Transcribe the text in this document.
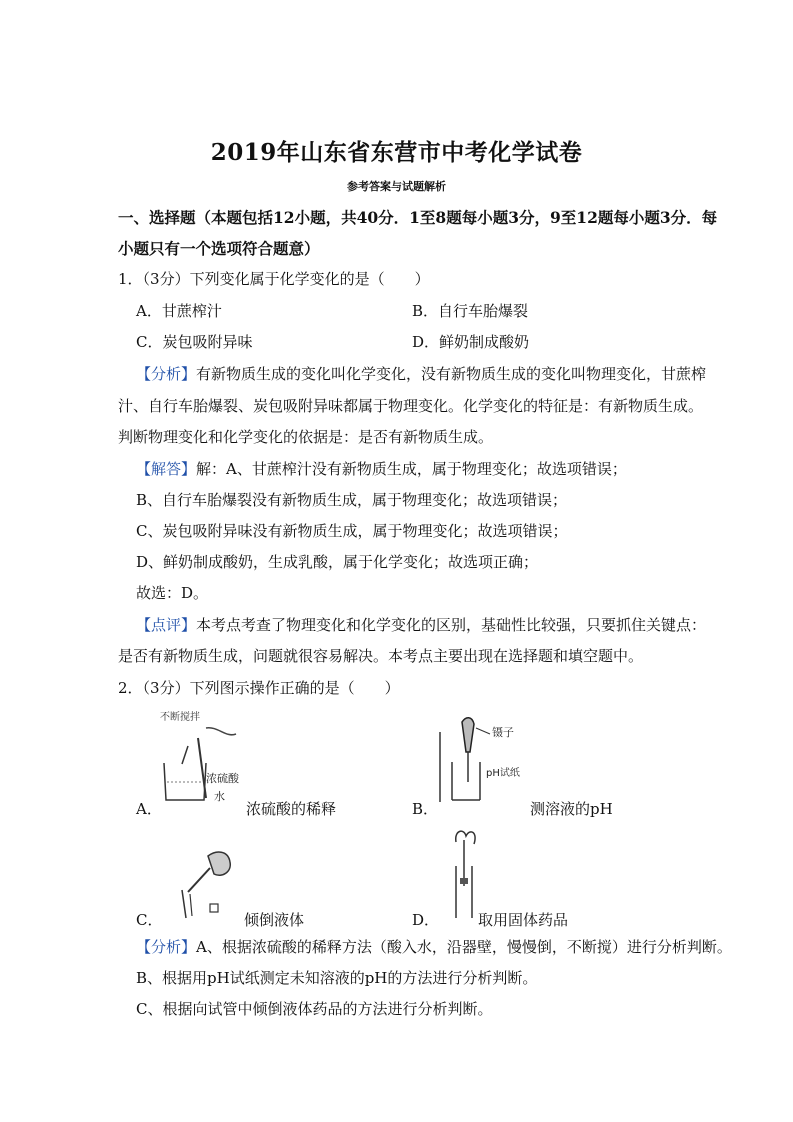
2019年山东省东营市中考化学试卷
参考答案与试题解析
一、选择题（本题包括12小题，共40分．1至8题每小题3分，9至12题每小题3分．每
小题只有一个选项符合题意）
1．（3分）下列变化属于化学变化的是（　　）
A．甘蔗榨汁	B．自行车胎爆裂
C．炭包吸附异味	D．鲜奶制成酸奶
【分析】有新物质生成的变化叫化学变化，没有新物质生成的变化叫物理变化，甘蔗榨
汁、自行车胎爆裂、炭包吸附异味都属于物理变化。化学变化的特征是：有新物质生成。
判断物理变化和化学变化的依据是：是否有新物质生成。
【解答】解：A、甘蔗榨汁没有新物质生成，属于物理变化；故选项错误；
B、自行车胎爆裂没有新物质生成，属于物理变化；故选项错误；
C、炭包吸附异味没有新物质生成，属于物理变化；故选项错误；
D、鲜奶制成酸奶，生成乳酸，属于化学变化；故选项正确；
故选：D。
【点评】本考点考查了物理变化和化学变化的区别，基础性比较强，只要抓住关键点：
是否有新物质生成，问题就很容易解决。本考点主要出现在选择题和填空题中。
2．（3分）下列图示操作正确的是（　　）
不断搅拌
浓硫酸
水
A．	浓硫酸的稀释
镊子
pH试纸
B．	测溶液的pH
C．	倾倒液体	D．	取用固体药品
【分析】A、根据浓硫酸的稀释方法（酸入水，沿器壁，慢慢倒，不断搅）进行分析判断。
B、根据用pH试纸测定未知溶液的pH的方法进行分析判断。
C、根据向试管中倾倒液体药品的方法进行分析判断。
